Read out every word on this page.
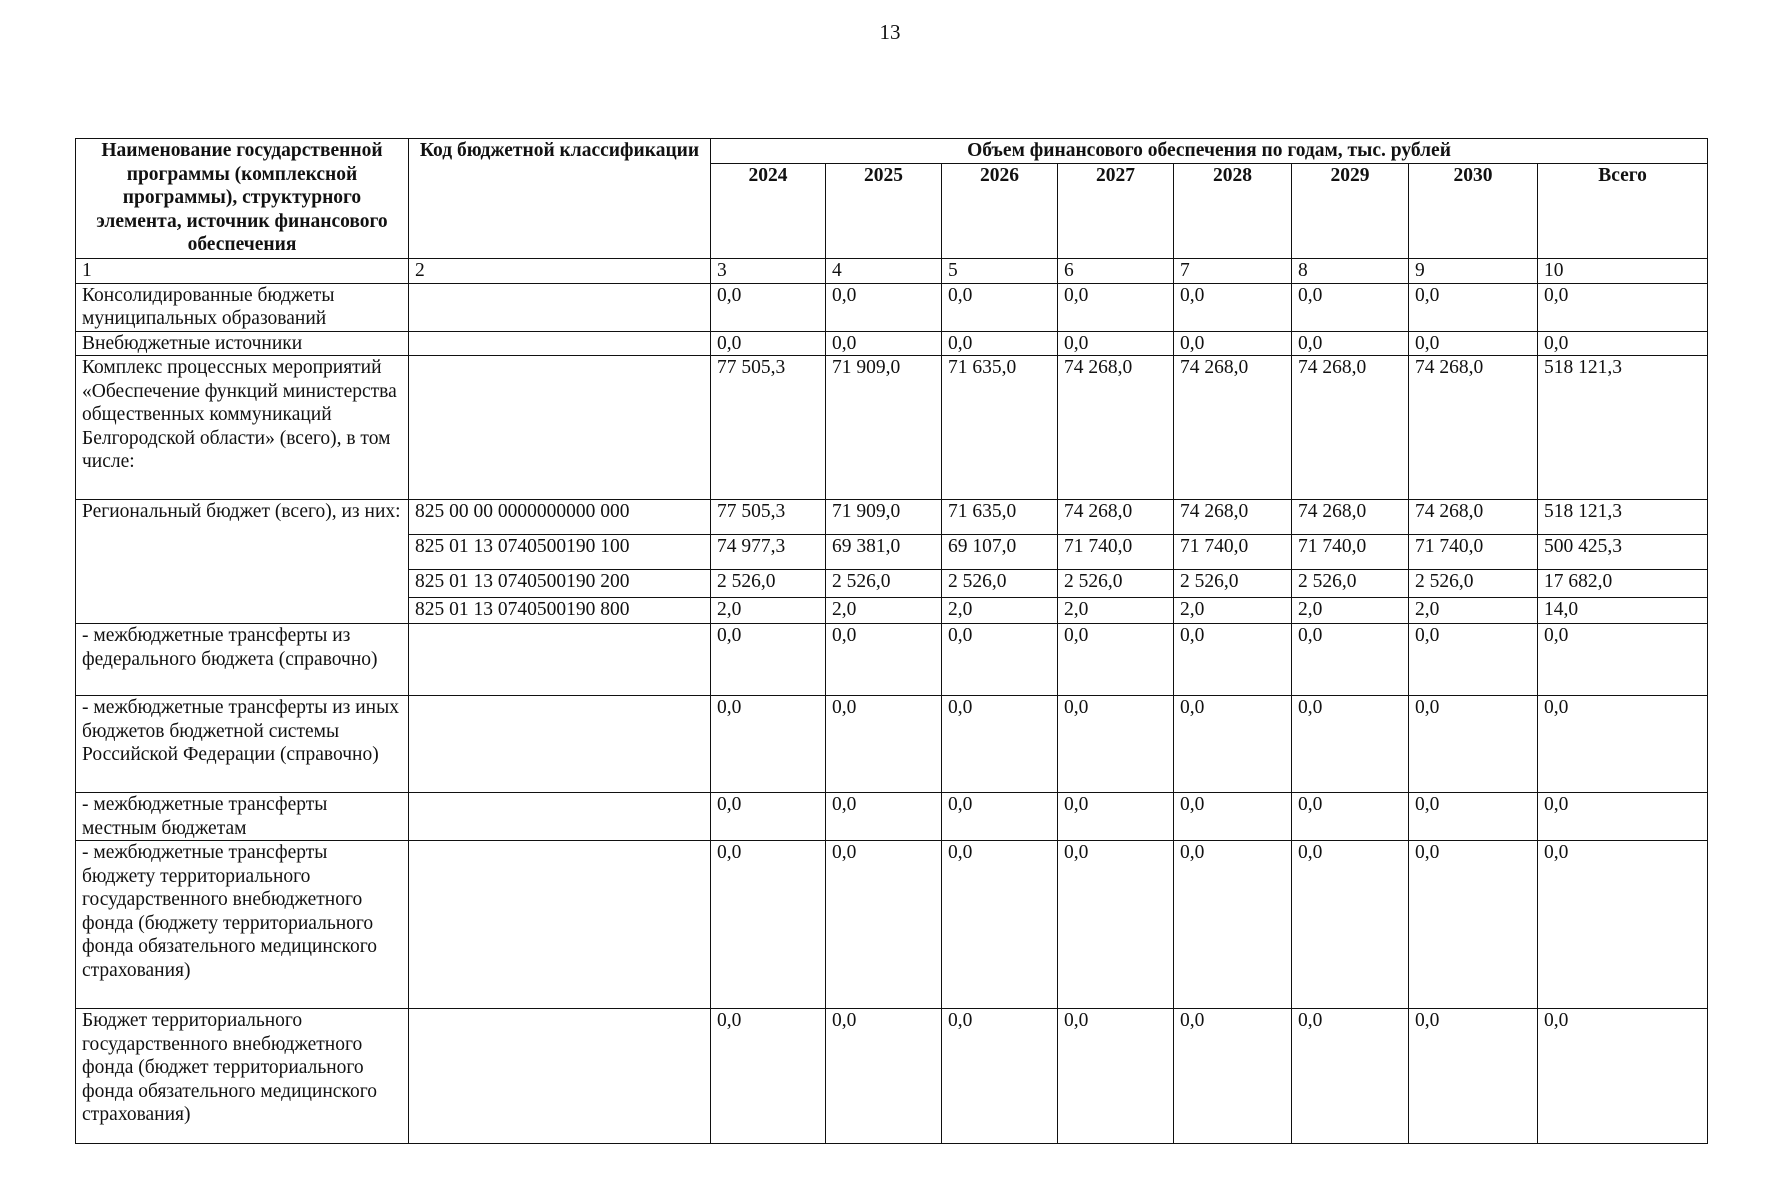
13
Наименование государственной программы (комплексной программы), структурного элемента, источник финансового обеспечения	Код бюджетной классификации	Объем финансового обеспечения по годам, тыс. рублей							
		2024	2025	2026	2027	2028	2029	2030	Всего
1	2	3	4	5	6	7	8	9	10
Консолидированные бюджеты муниципальных образований		0,0	0,0	0,0	0,0	0,0	0,0	0,0	0,0
Внебюджетные источники		0,0	0,0	0,0	0,0	0,0	0,0	0,0	0,0
Комплекс процессных мероприятий «Обеспечение функций министерства общественных коммуникаций Белгородской области» (всего), в том числе:		77 505,3	71 909,0	71 635,0	74 268,0	74 268,0	74 268,0	74 268,0	518 121,3
Региональный бюджет (всего), из них:	825 00 00 0000000000 000	77 505,3	71 909,0	71 635,0	74 268,0	74 268,0	74 268,0	74 268,0	518 121,3
	825 01 13 0740500190 100	74 977,3	69 381,0	69 107,0	71 740,0	71 740,0	71 740,0	71 740,0	500 425,3
	825 01 13 0740500190 200	2 526,0	2 526,0	2 526,0	2 526,0	2 526,0	2 526,0	2 526,0	17 682,0
	825 01 13 0740500190 800	2,0	2,0	2,0	2,0	2,0	2,0	2,0	14,0
- межбюджетные трансферты из федерального бюджета (справочно)		0,0	0,0	0,0	0,0	0,0	0,0	0,0	0,0
- межбюджетные трансферты из иных бюджетов бюджетной системы Российской Федерации (справочно)		0,0	0,0	0,0	0,0	0,0	0,0	0,0	0,0
- межбюджетные трансферты местным бюджетам		0,0	0,0	0,0	0,0	0,0	0,0	0,0	0,0
- межбюджетные трансферты бюджету территориального государственного внебюджетного фонда (бюджету территориального фонда обязательного медицинского страхования)		0,0	0,0	0,0	0,0	0,0	0,0	0,0	0,0
Бюджет территориального государственного внебюджетного фонда (бюджет территориального фонда обязательного медицинского страхования)		0,0	0,0	0,0	0,0	0,0	0,0	0,0	0,0
